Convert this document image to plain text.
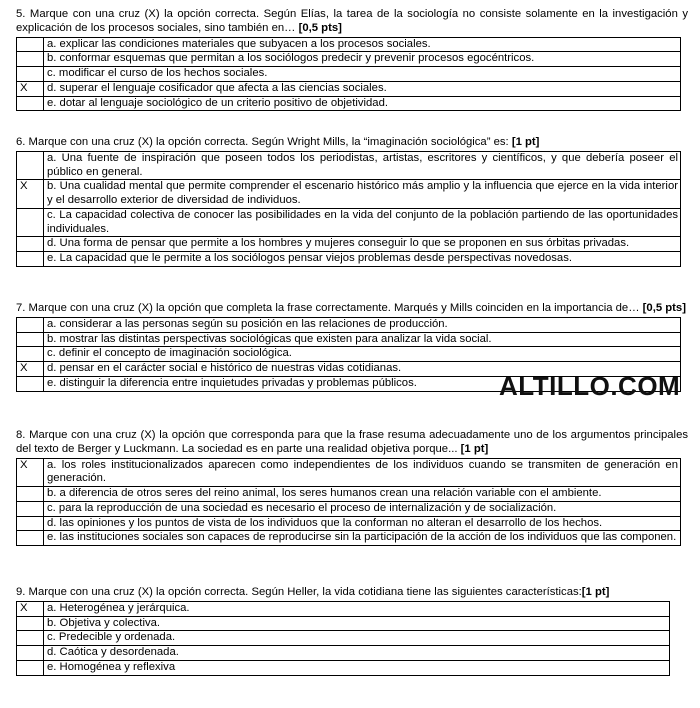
5. Marque con una cruz (X) la opción correcta. Según Elías, la tarea de la sociología no consiste solamente en la investigación y explicación de los procesos sociales, sino también en… [0,5 pts]

	a. explicar las condiciones materiales que subyacen a los procesos sociales.
	b. conformar esquemas que permitan a los sociólogos predecir y prevenir procesos egocéntricos.
	c. modificar el curso de los hechos sociales.
X	d. superar el lenguaje cosificador que afecta a las ciencias sociales.
	e. dotar al lenguaje sociológico de un criterio positivo de objetividad.

6. Marque con una cruz (X) la opción correcta. Según Wright Mills, la “imaginación sociológica” es: [1 pt]

	a. Una fuente de inspiración que poseen todos los periodistas, artistas, escritores y científicos, y que debería poseer el público en general.
X	b. Una cualidad mental que permite comprender el escenario histórico más amplio y la influencia que ejerce en la vida interior y el desarrollo exterior de diversidad de individuos.
	c. La capacidad colectiva de conocer las posibilidades en la vida del conjunto de la población partiendo de las oportunidades individuales.
	d. Una forma de pensar que permite a los hombres y mujeres conseguir lo que se proponen en sus órbitas privadas.
	e. La capacidad que le permite a los sociólogos pensar viejos problemas desde perspectivas novedosas.

7. Marque con una cruz (X) la opción que completa la frase correctamente. Marqués y Mills coinciden en la importancia de… [0,5 pts]

	a. considerar a las personas según su posición en las relaciones de producción.
	b. mostrar las distintas perspectivas sociológicas que existen para analizar la vida social.
	c. definir el concepto de imaginación sociológica.
X	d. pensar en el carácter social e histórico de nuestras vidas cotidianas.
	e. distinguir la diferencia entre inquietudes privadas y problemas públicos.	ALTILLO.COM

8. Marque con una cruz (X) la opción que corresponda para que la frase resuma adecuadamente uno de los argumentos principales del texto de Berger y Luckmann. La sociedad es en parte una realidad objetiva porque... [1 pt]

X	a. los roles institucionalizados aparecen como independientes de los individuos cuando se transmiten de generación en generación.
	b. a diferencia de otros seres del reino animal, los seres humanos crean una relación variable con el ambiente.
	c. para la reproducción de una sociedad es necesario el proceso de internalización y de socialización.
	d. las opiniones y los puntos de vista de los individuos que la conforman no alteran el desarrollo de los hechos.
	e. las instituciones sociales son capaces de reproducirse sin la participación de la acción de los individuos que las componen.

9. Marque con una cruz (X) la opción correcta. Según Heller, la vida cotidiana tiene las siguientes características:[1 pt]

X	a. Heterogénea y jerárquica.
	b. Objetiva y colectiva.
	c. Predecible y ordenada.
	d. Caótica y desordenada.
	e. Homogénea y reflexiva
